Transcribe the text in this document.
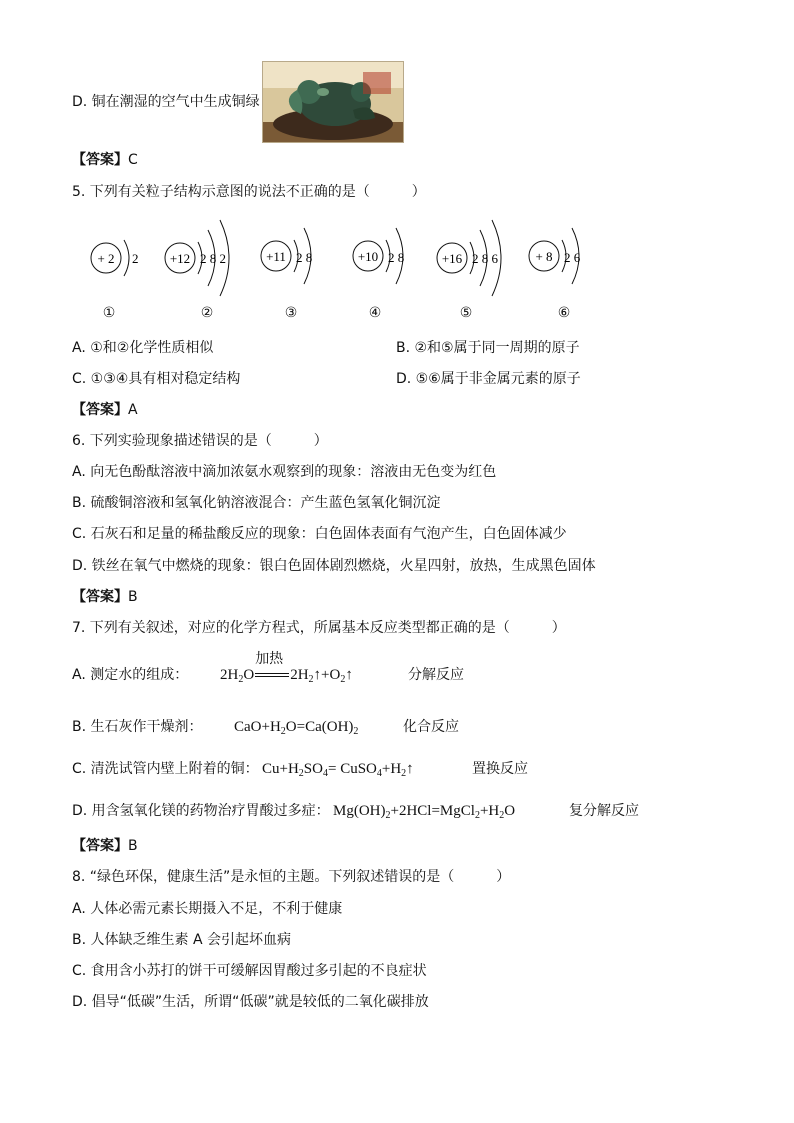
D. 铜在潮湿的空气中生成铜绿
【答案】C
5. 下列有关粒子结构示意图的说法不正确的是（　　　）
+ 2 2 +12 2 8 2	+11 2 8	+10 2 8	+16 2 8 6	+ 8 2 6
①	②	③	④	⑤	⑥
A. ①和②化学性质相似	B. ②和⑤属于同一周期的原子
C. ①③④具有相对稳定结构	D. ⑤⑥属于非金属元素的原子
【答案】A
6. 下列实验现象描述错误的是（　　　）
A. 向无色酚酞溶液中滴加浓氨水观察到的现象：溶液由无色变为红色
B. 硫酸铜溶液和氢氧化钠溶液混合：产生蓝色氢氧化铜沉淀
C. 石灰石和足量的稀盐酸反应的现象：白色固体表面有气泡产生，白色固体减少
D. 铁丝在氧气中燃烧的现象：银白色固体剧烈燃烧，火星四射，放热，生成黑色固体
【答案】B
7. 下列有关叙述，对应的化学方程式，所属基本反应类型都正确的是（　　　）
A. 测定水的组成： $2H_2O$
加热
$2H_2↑+O_2↑$	分解反应
B. 生石灰作干燥剂： $CaO+H_2O=Ca(OH)_2$	化合反应
C. 清洗试管内壁上附着的铜： $Cu+H_2SO_4=$ $CuSO_4+H_2↑$	置换反应
D. 用含氢氧化镁的药物治疗胃酸过多症： $Mg(OH)_2+2HCl=MgCl_2+H_2O$	复分解反应
【答案】B
8. “绿色环保，健康生活”是永恒的主题。下列叙述错误的是（　　　）
A. 人体必需元素长期摄入不足，不利于健康
B. 人体缺乏维生素 A 会引起坏血病
C. 食用含小苏打的饼干可缓解因胃酸过多引起的不良症状
D. 倡导“低碳”生活，所谓“低碳”就是较低的二氧化碳排放
